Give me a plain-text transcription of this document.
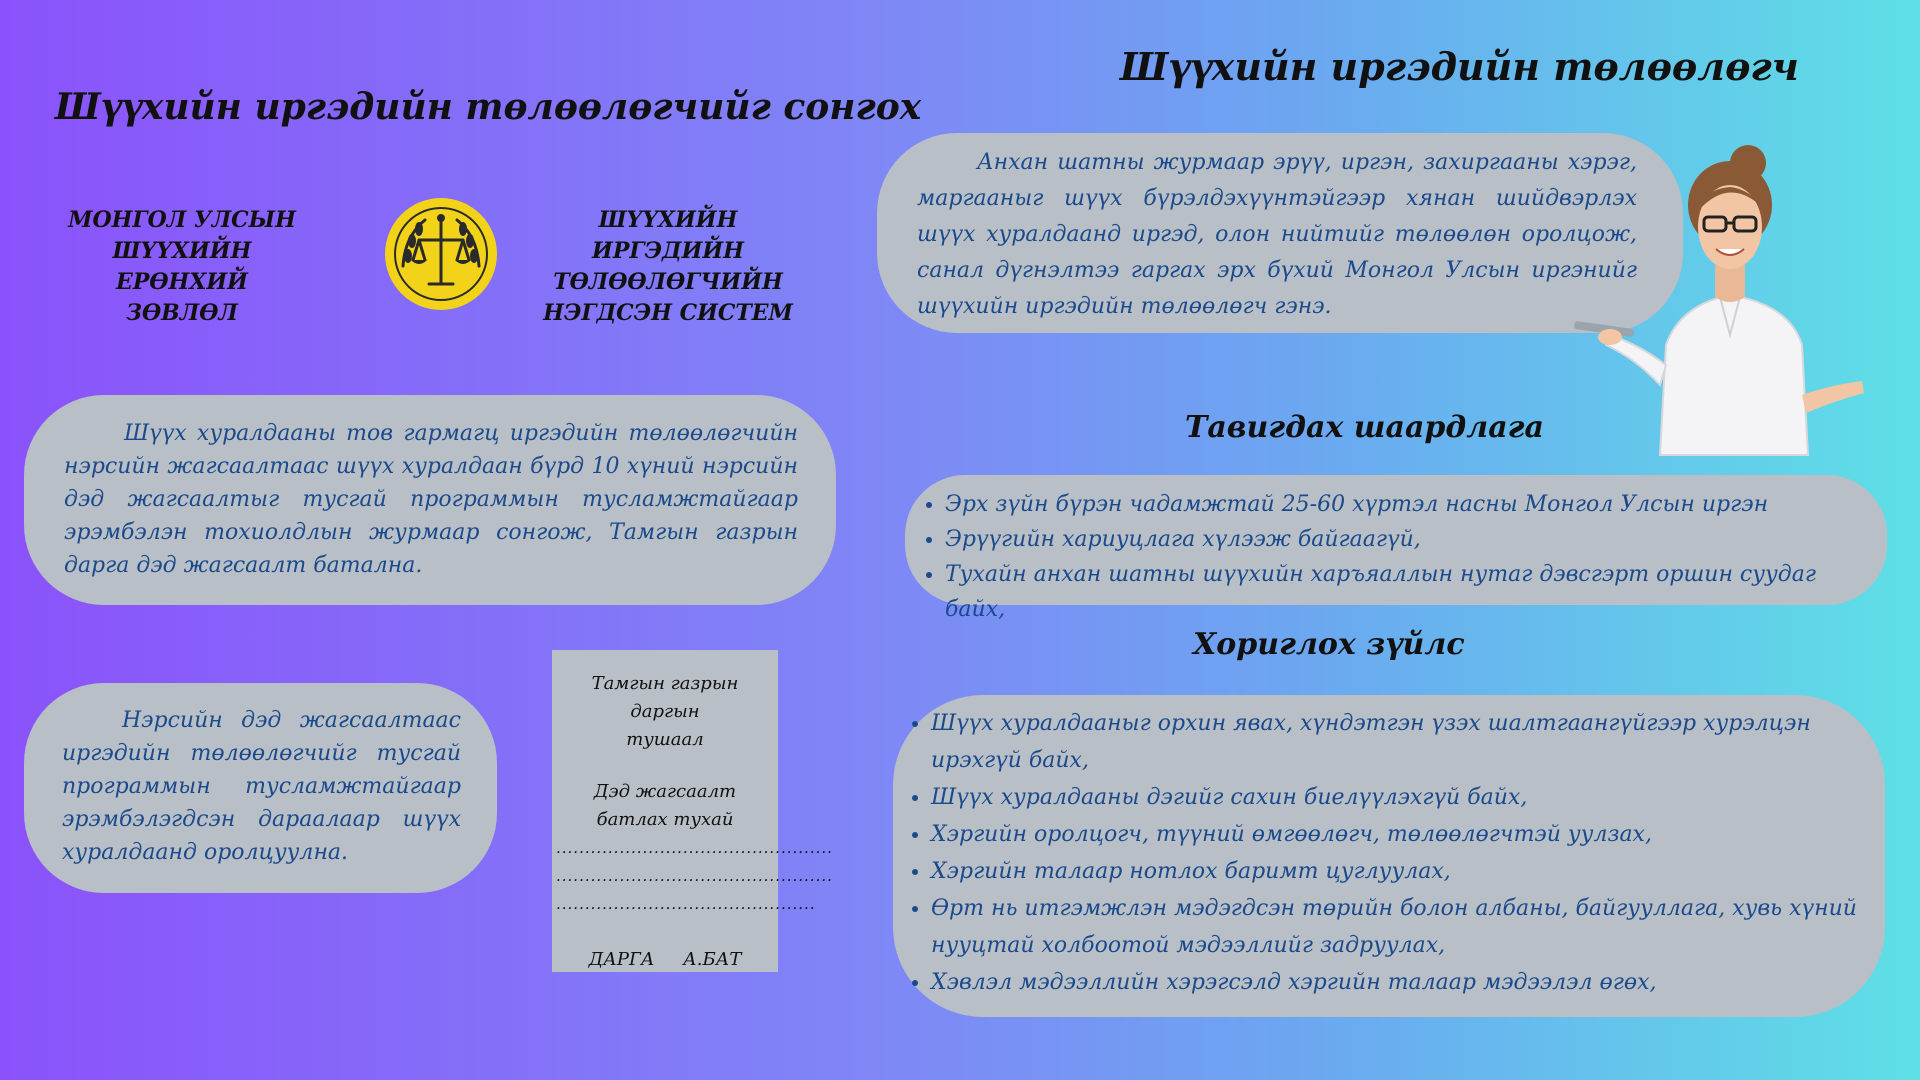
Шүүхийн иргэдийн төлөөлөгчийг сонгох
МОНГОЛ УЛСЫН
ШҮҮХИЙН ЕРӨНХИЙ
ЗӨВЛӨЛ
ШҮҮХИЙН ИРГЭДИЙН
ТӨЛӨӨЛӨГЧИЙН
НЭГДСЭН СИСТЕМ

Шүүх хуралдааны тов гармагц иргэдийн төлөөлөгчийн нэрсийн жагсаалтаас шүүх хуралдаан бүрд 10 хүний нэрсийн дэд жагсаалтыг тусгай программын тусламжтайгаар эрэмбэлэн тохиолдлын журмаар сонгож, Тамгын газрын дарга дэд жагсаалт батална.

Нэрсийн дэд жагсаалтаас иргэдийн төлөөлөгчийг тусгай программын тусламжтайгаар эрэмбэлэгдсэн дараалаар шүүх хуралдаанд оролцуулна.

Тамгын газрын даргын
тушаал
Дэд жагсаалт
батлах тухай
................................................
................................................
.............................................
ДАРГА     А.БАТ
Шүүхийн иргэдийн төлөөлөгч

Анхан шатны журмаар эрүү, иргэн, захиргааны хэрэг, маргааныг шүүх бүрэлдэхүүнтэйгээр хянан шийдвэрлэх шүүх хуралдаанд иргэд, олон нийтийг төлөөлөн оролцож, санал дүгнэлтээ гаргах эрх бүхий Монгол Улсын иргэнийг шүүхийн иргэдийн төлөөлөгч гэнэ.

Тавигдах шаардлага
• Эрх зүйн бүрэн чадамжтай 25-60 хүртэл насны Монгол Улсын иргэн
• Эрүүгийн хариуцлага хүлээж байгаагүй,
• Тухайн анхан шатны шүүхийн харъяаллын нутаг дэвсгэрт оршин суудаг байх,
Хориглох зүйлс
• Шүүх хуралдааныг орхин явах, хүндэтгэн үзэх шалтгаангүйгээр хурэлцэн ирэхгүй байх,
• Шүүх хуралдааны дэгийг сахин биелүүлэхгүй байх,
• Хэргийн оролцогч, түүний өмгөөлөгч, төлөөлөгчтэй уулзах,
• Хэргийн талаар нотлох баримт цуглуулах,
• Өрт нь итгэмжлэн мэдэгдсэн төрийн болон албаны, байгууллага, хувь хүний нууцтай холбоотой мэдээллийг задруулах,
• Хэвлэл мэдээллийн хэрэгсэлд хэргийн талаар мэдээлэл өгөх,
